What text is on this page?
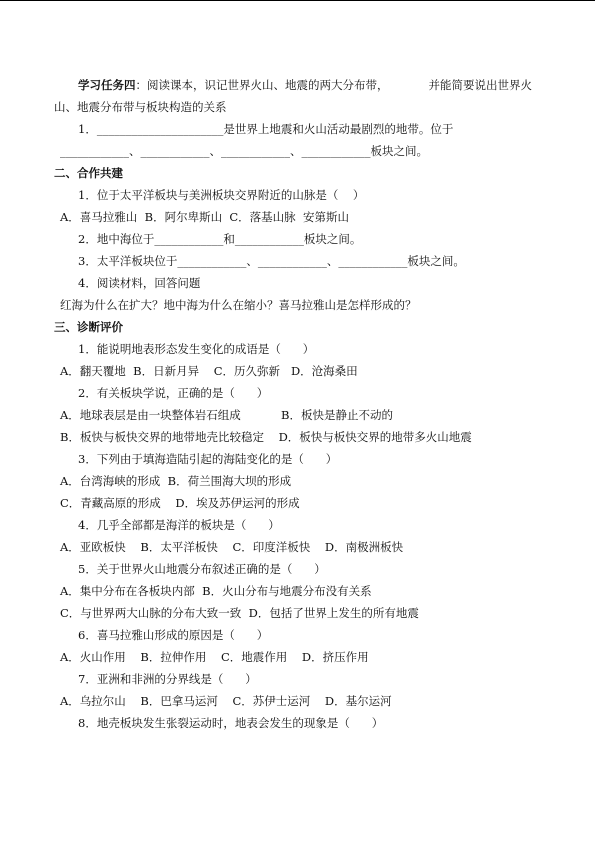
学习任务四：阅读课本，识记世界火山、地震的两大分布带，	并能简要说出世界火
山、地震分布带与板块构造的关系
1．______________________是世界上地震和火山活动最剧烈的地带。位于
____________、____________、____________、____________板块之间。
二、合作共建
1．位于太平洋板块与美洲板块交界附近的山脉是（    ）
A．喜马拉雅山  B．阿尔卑斯山  C．落基山脉  安第斯山
2．地中海位于____________和____________板块之间。
3．太平洋板块位于____________、____________、____________板块之间。
4．阅读材料，回答问题
红海为什么在扩大？地中海为什么在缩小？喜马拉雅山是怎样形成的？
三、诊断评价
1．能说明地表形态发生变化的成语是（      ）
A．翻天覆地  B．日新月异    C．历久弥新   D．沧海桑田
2．有关板块学说，正确的是（      ）
A．地球表层是由一块整体岩石组成           B．板快是静止不动的
B．板快与板快交界的地带地壳比较稳定    D．板快与板快交界的地带多火山地震
3．下列由于填海造陆引起的海陆变化的是（      ）
A．台湾海峡的形成  B．荷兰围海大坝的形成
C．青藏高原的形成    D．埃及苏伊运河的形成
4．几乎全部都是海洋的板块是（      ）
A．亚欧板快    B．太平洋板快    C．印度洋板快    D．南极洲板快
5．关于世界火山地震分布叙述正确的是（      ）
A．集中分布在各板块内部  B．火山分布与地震分布没有关系
C．与世界两大山脉的分布大致一致  D．包括了世界上发生的所有地震
6．喜马拉雅山形成的原因是（      ）
A．火山作用    B．拉伸作用    C．地震作用    D．挤压作用
7．亚洲和非洲的分界线是（      ）
A．乌拉尔山    B．巴拿马运河    C．苏伊士运河    D．基尔运河
8．地壳板块发生张裂运动时，地表会发生的现象是（      ）
